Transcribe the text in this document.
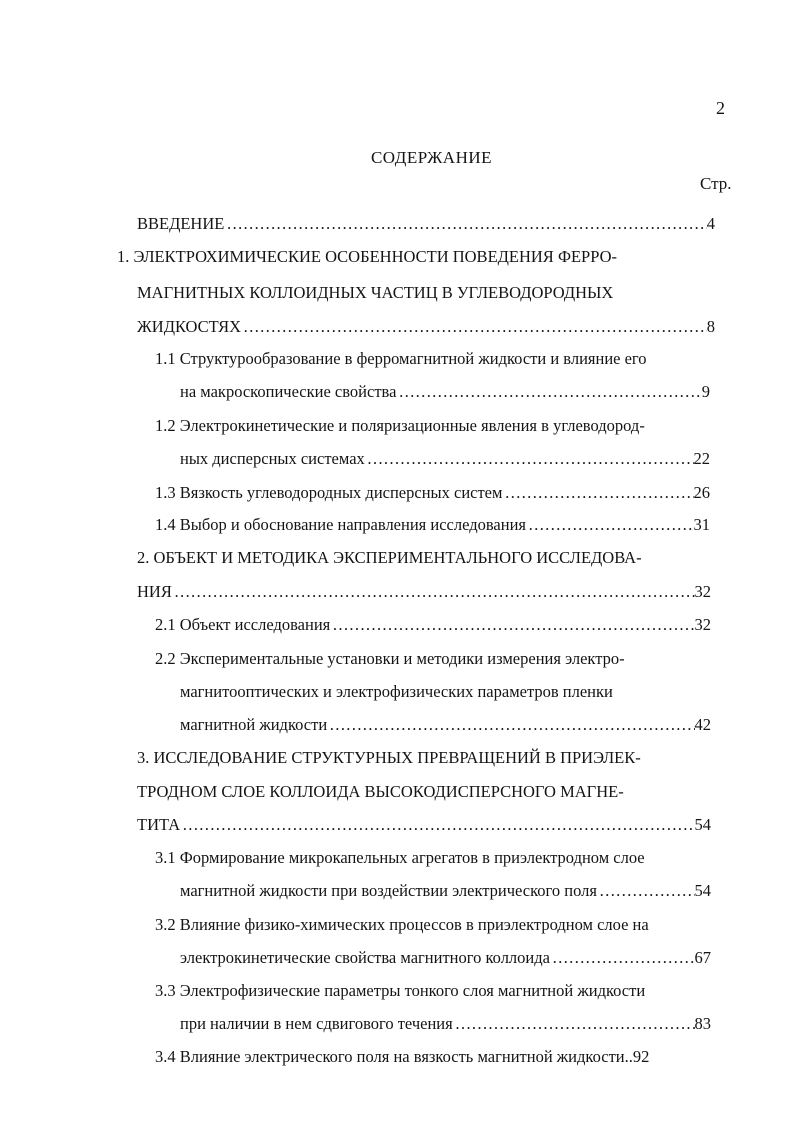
2
СОДЕРЖАНИЕ
Стр.
ВВЕДЕНИЕ ……………………………………………………………………………………………………………………………	4
1. ЭЛЕКТРОХИМИЧЕСКИЕ ОСОБЕННОСТИ ПОВЕДЕНИЯ ФЕРРО-
МАГНИТНЫХ КОЛЛОИДНЫХ ЧАСТИЦ В УГЛЕВОДОРОДНЫХ
ЖИДКОСТЯХ ……………………………………………………………………………………………………………………………	8
1.1 Структурообразование в ферромагнитной жидкости и влияние его
на макроскопические свойства ……………………………………………………………………………………………………………………………	9
1.2 Электрокинетические и поляризационные явления в углеводород-
ных дисперсных системах ……………………………………………………………………………………………………………………………	22
1.3 Вязкость углеводородных дисперсных систем ……………………………………………………………………………………………………………………………	26
1.4 Выбор и обоснование направления исследования ……………………………………………………………………………………………………………………………	31
2. ОБЪЕКТ И МЕТОДИКА ЭКСПЕРИМЕНТАЛЬНОГО ИССЛЕДОВА-
НИЯ ……………………………………………………………………………………………………………………………	32
2.1 Объект исследования ……………………………………………………………………………………………………………………………	32
2.2 Экспериментальные установки и методики измерения электро-
магнитооптических и электрофизических параметров пленки
магнитной жидкости ……………………………………………………………………………………………………………………………	42
3. ИССЛЕДОВАНИЕ СТРУКТУРНЫХ ПРЕВРАЩЕНИЙ В ПРИЭЛЕК-
ТРОДНОМ СЛОЕ КОЛЛОИДА ВЫСОКОДИСПЕРСНОГО МАГНЕ-
ТИТА ……………………………………………………………………………………………………………………………	54
3.1 Формирование микрокапельных агрегатов в приэлектродном слое
магнитной жидкости при воздействии электрического поля ……………………………………………………………………………………………………………………………	54
3.2 Влияние физико-химических процессов в приэлектродном слое на
электрокинетические свойства магнитного коллоида ……………………………………………………………………………………………………………………………	67
3.3 Электрофизические параметры тонкого слоя магнитной жидкости
при наличии в нем сдвигового течения ……………………………………………………………………………………………………………………………	83
3.4 Влияние электрического поля на вязкость магнитной жидкости.. 92
